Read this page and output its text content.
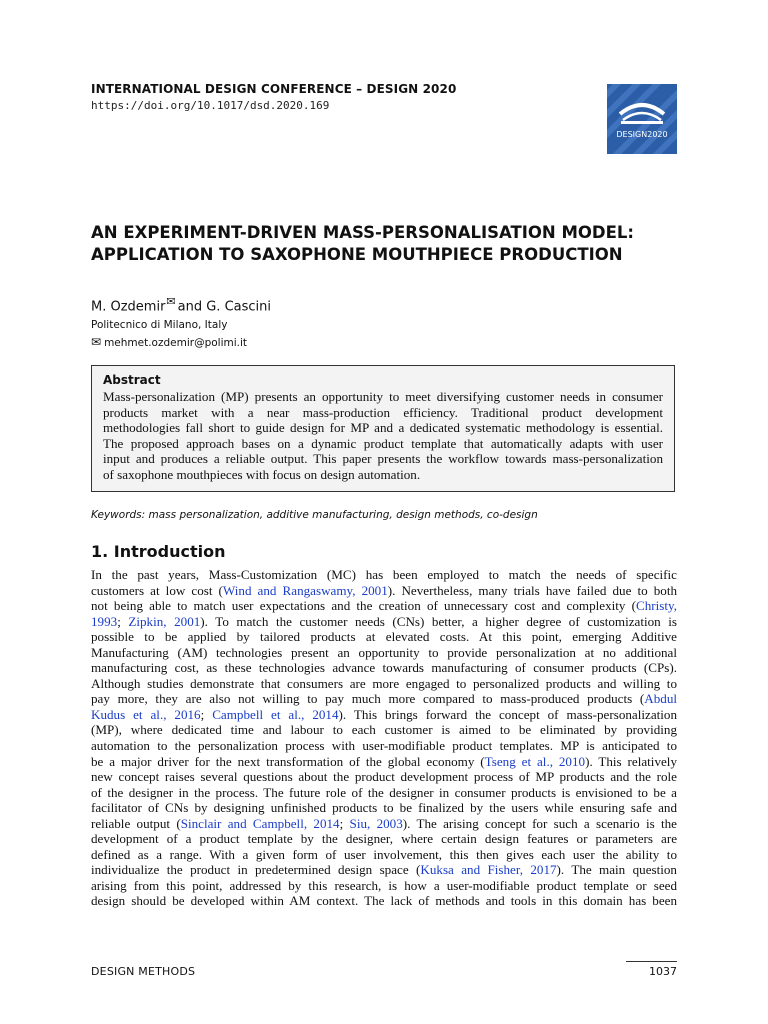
INTERNATIONAL DESIGN CONFERENCE – DESIGN 2020
https://doi.org/10.1017/dsd.2020.169
DESIGN2020
AN EXPERIMENT-DRIVEN MASS-PERSONALISATION MODEL:
APPLICATION TO SAXOPHONE MOUTHPIECE PRODUCTION
M. Ozdemir✉ and G. Cascini
Politecnico di Milano, Italy
✉ mehmet.ozdemir@polimi.it
Abstract
Mass-personalization (MP) presents an opportunity to meet diversifying customer needs in consumer
products market with a near mass-production efficiency. Traditional product development
methodologies fall short to guide design for MP and a dedicated systematic methodology is essential.
The proposed approach bases on a dynamic product template that automatically adapts with user
input and produces a reliable output. This paper presents the workflow towards mass-personalization
of saxophone mouthpieces with focus on design automation.
Keywords: mass personalization, additive manufacturing, design methods, co-design
1. Introduction
In the past years, Mass-Customization (MC) has been employed to match the needs of specific
customers at low cost (Wind and Rangaswamy, 2001). Nevertheless, many trials have failed due to both
not being able to match user expectations and the creation of unnecessary cost and complexity (Christy,
1993; Zipkin, 2001). To match the customer needs (CNs) better, a higher degree of customization is
possible to be applied by tailored products at elevated costs. At this point, emerging Additive
Manufacturing (AM) technologies present an opportunity to provide personalization at no additional
manufacturing cost, as these technologies advance towards manufacturing of consumer products (CPs).
Although studies demonstrate that consumers are more engaged to personalized products and willing to
pay more, they are also not willing to pay much more compared to mass-produced products (Abdul
Kudus et al., 2016; Campbell et al., 2014). This brings forward the concept of mass-personalization
(MP), where dedicated time and labour to each customer is aimed to be eliminated by providing
automation to the personalization process with user-modifiable product templates. MP is anticipated to
be a major driver for the next transformation of the global economy (Tseng et al., 2010). This relatively
new concept raises several questions about the product development process of MP products and the role
of the designer in the process. The future role of the designer in consumer products is envisioned to be a
facilitator of CNs by designing unfinished products to be finalized by the users while ensuring safe and
reliable output (Sinclair and Campbell, 2014; Siu, 2003). The arising concept for such a scenario is the
development of a product template by the designer, where certain design features or parameters are
defined as a range. With a given form of user involvement, this then gives each user the ability to
individualize the product in predetermined design space (Kuksa and Fisher, 2017). The main question
arising from this point, addressed by this research, is how a user-modifiable product template or seed
design should be developed within AM context. The lack of methods and tools in this domain has been
DESIGN METHODS	1037
